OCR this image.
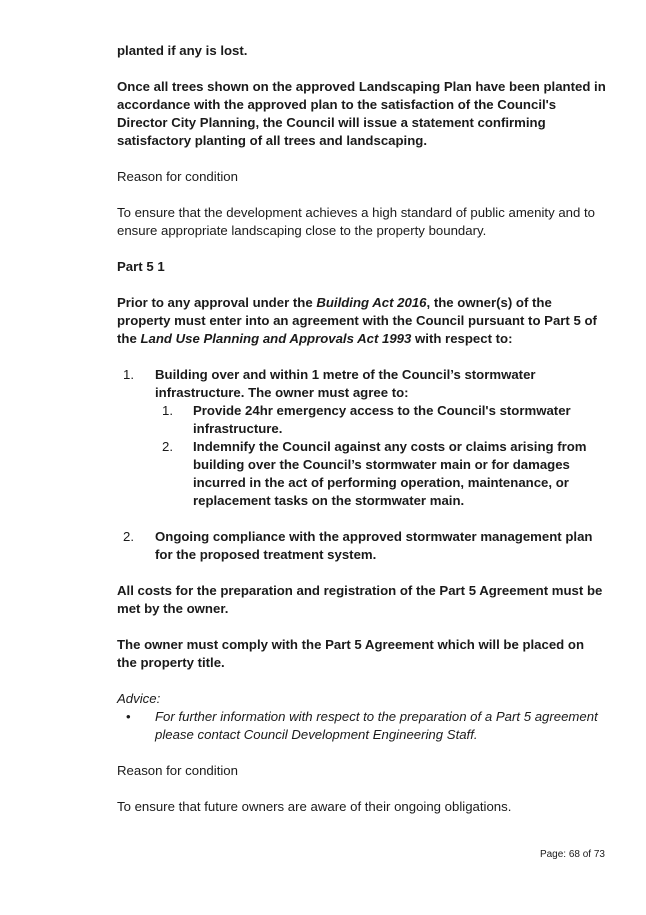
planted if any is lost.

Once all trees shown on the approved Landscaping Plan have been planted in accordance with the approved plan to the satisfaction of the Council's Director City Planning, the Council will issue a statement confirming satisfactory planting of all trees and landscaping.

Reason for condition

To ensure that the development achieves a high standard of public amenity and to ensure appropriate landscaping close to the property boundary.

Part 5 1

Prior to any approval under the Building Act 2016, the owner(s) of the property must enter into an agreement with the Council pursuant to Part 5 of the Land Use Planning and Approvals Act 1993 with respect to:

1. Building over and within 1 metre of the Council’s stormwater infrastructure. The owner must agree to:
1. Provide 24hr emergency access to the Council's stormwater infrastructure.
2. Indemnify the Council against any costs or claims arising from building over the Council’s stormwater main or for damages incurred in the act of performing operation, maintenance, or replacement tasks on the stormwater main.
2. Ongoing compliance with the approved stormwater management plan for the proposed treatment system.

All costs for the preparation and registration of the Part 5 Agreement must be met by the owner.

The owner must comply with the Part 5 Agreement which will be placed on the property title.

Advice:

• For further information with respect to the preparation of a Part 5 agreement please contact Council Development Engineering Staff.

Reason for condition

To ensure that future owners are aware of their ongoing obligations.

Page: 68 of 73
